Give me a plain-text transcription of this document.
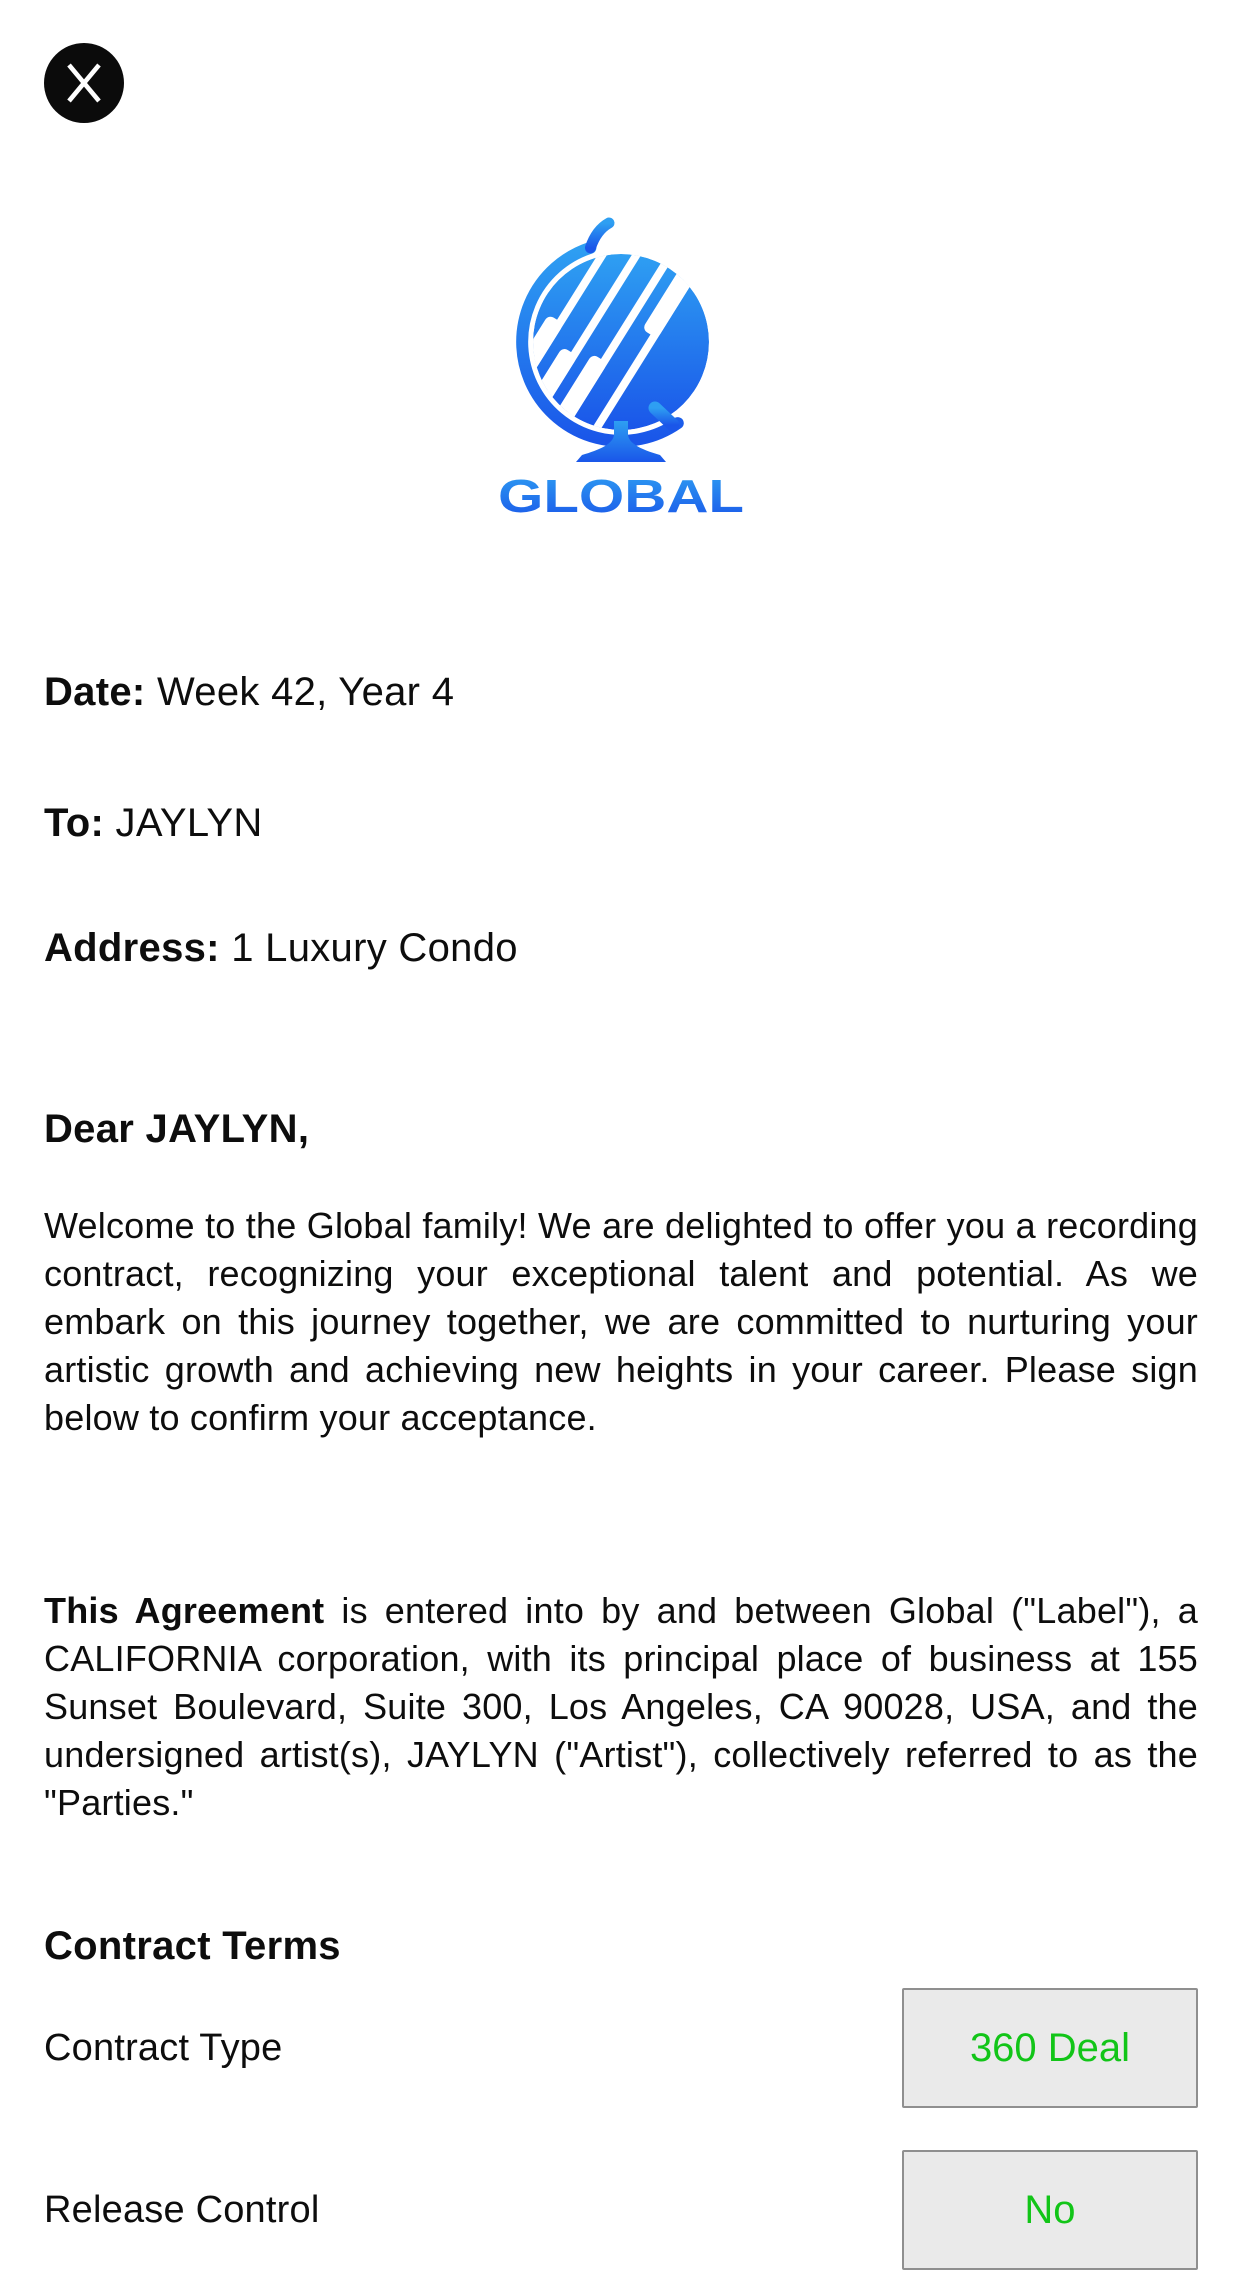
GLOBAL

Date: Week 42, Year 4

To: JAYLYN

Address: 1 Luxury Condo

Dear JAYLYN,

Welcome to the Global family! We are delighted to offer you a recording contract, recognizing your exceptional talent and potential. As we embark on this journey together, we are committed to nurturing your artistic growth and achieving new heights in your career. Please sign below to confirm your acceptance.

This Agreement is entered into by and between Global ("Label"), a CALIFORNIA corporation, with its principal place of business at 155 Sunset Boulevard, Suite 300, Los Angeles, CA 90028, USA, and the undersigned artist(s), JAYLYN ("Artist"), collectively referred to as the "Parties."

Contract Terms
Contract Type	360 Deal
Release Control	No
